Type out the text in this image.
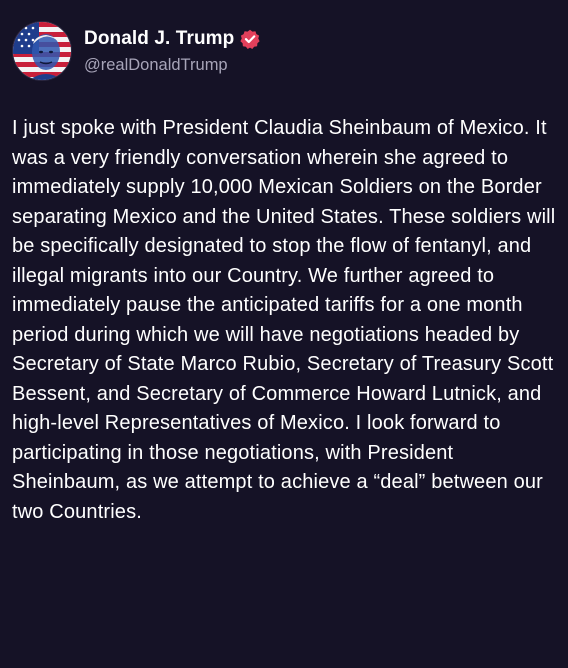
Donald J. Trump
@realDonaldTrump
I just spoke with President Claudia Sheinbaum of Mexico. It was a very friendly conversation wherein she agreed to immediately supply 10,000 Mexican Soldiers on the Border separating Mexico and the United States. These soldiers will be specifically designated to stop the flow of fentanyl, and illegal migrants into our Country. We further agreed to immediately pause the anticipated tariffs for a one month period during which we will have negotiations headed by Secretary of State Marco Rubio, Secretary of Treasury Scott Bessent, and Secretary of Commerce Howard Lutnick, and high-level Representatives of Mexico. I look forward to participating in those negotiations, with President Sheinbaum, as we attempt to achieve a “deal” between our two Countries.
